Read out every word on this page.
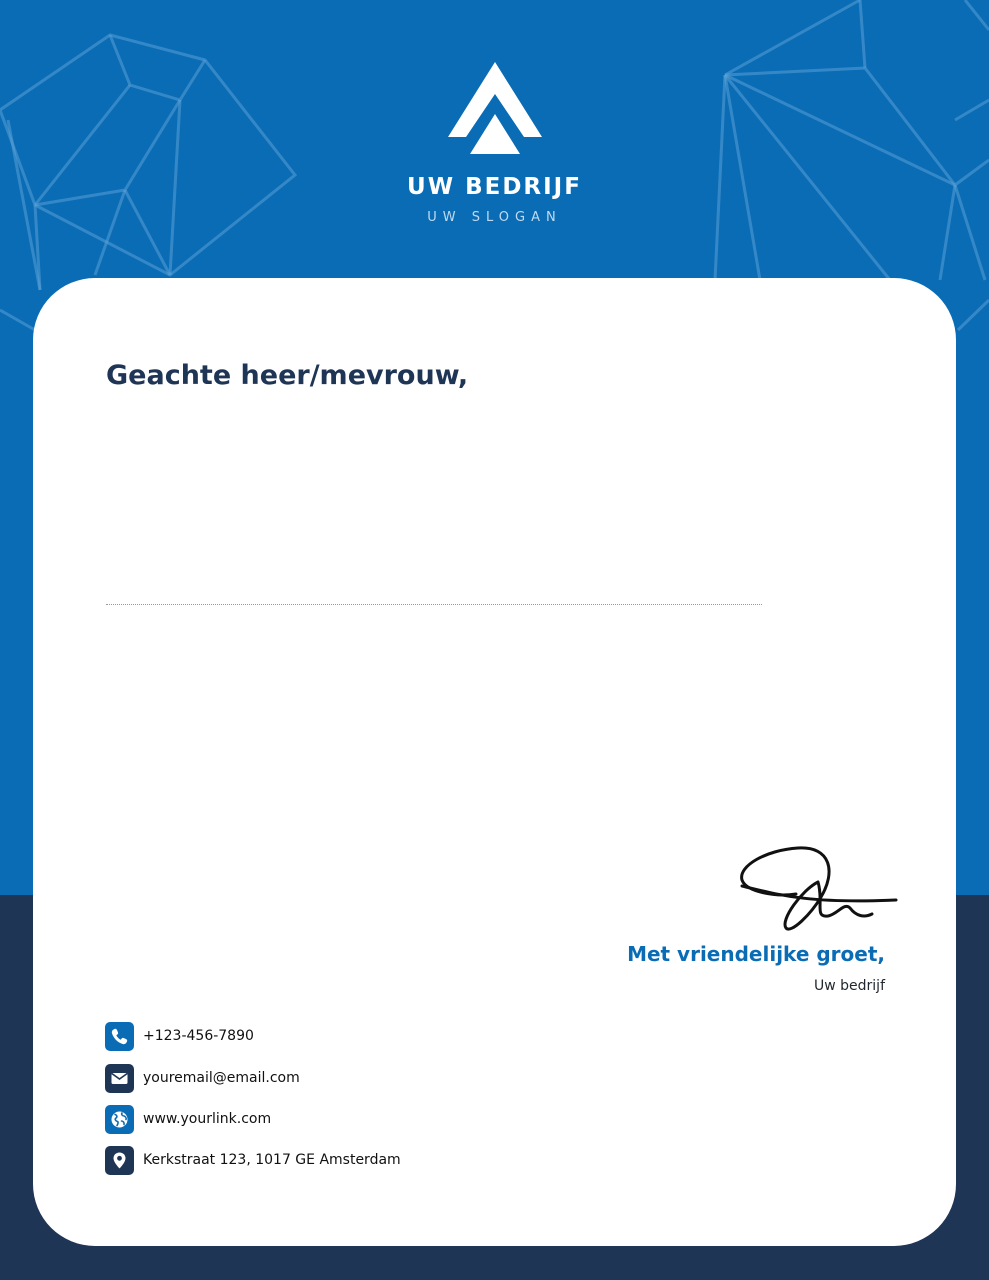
UW BEDRIJF
UW SLOGAN
Geachte heer/mevrouw,
Met vriendelijke groet,
Uw bedrijf
+123-456-7890
youremail@email.com
www.yourlink.com
Kerkstraat 123, 1017 GE Amsterdam
